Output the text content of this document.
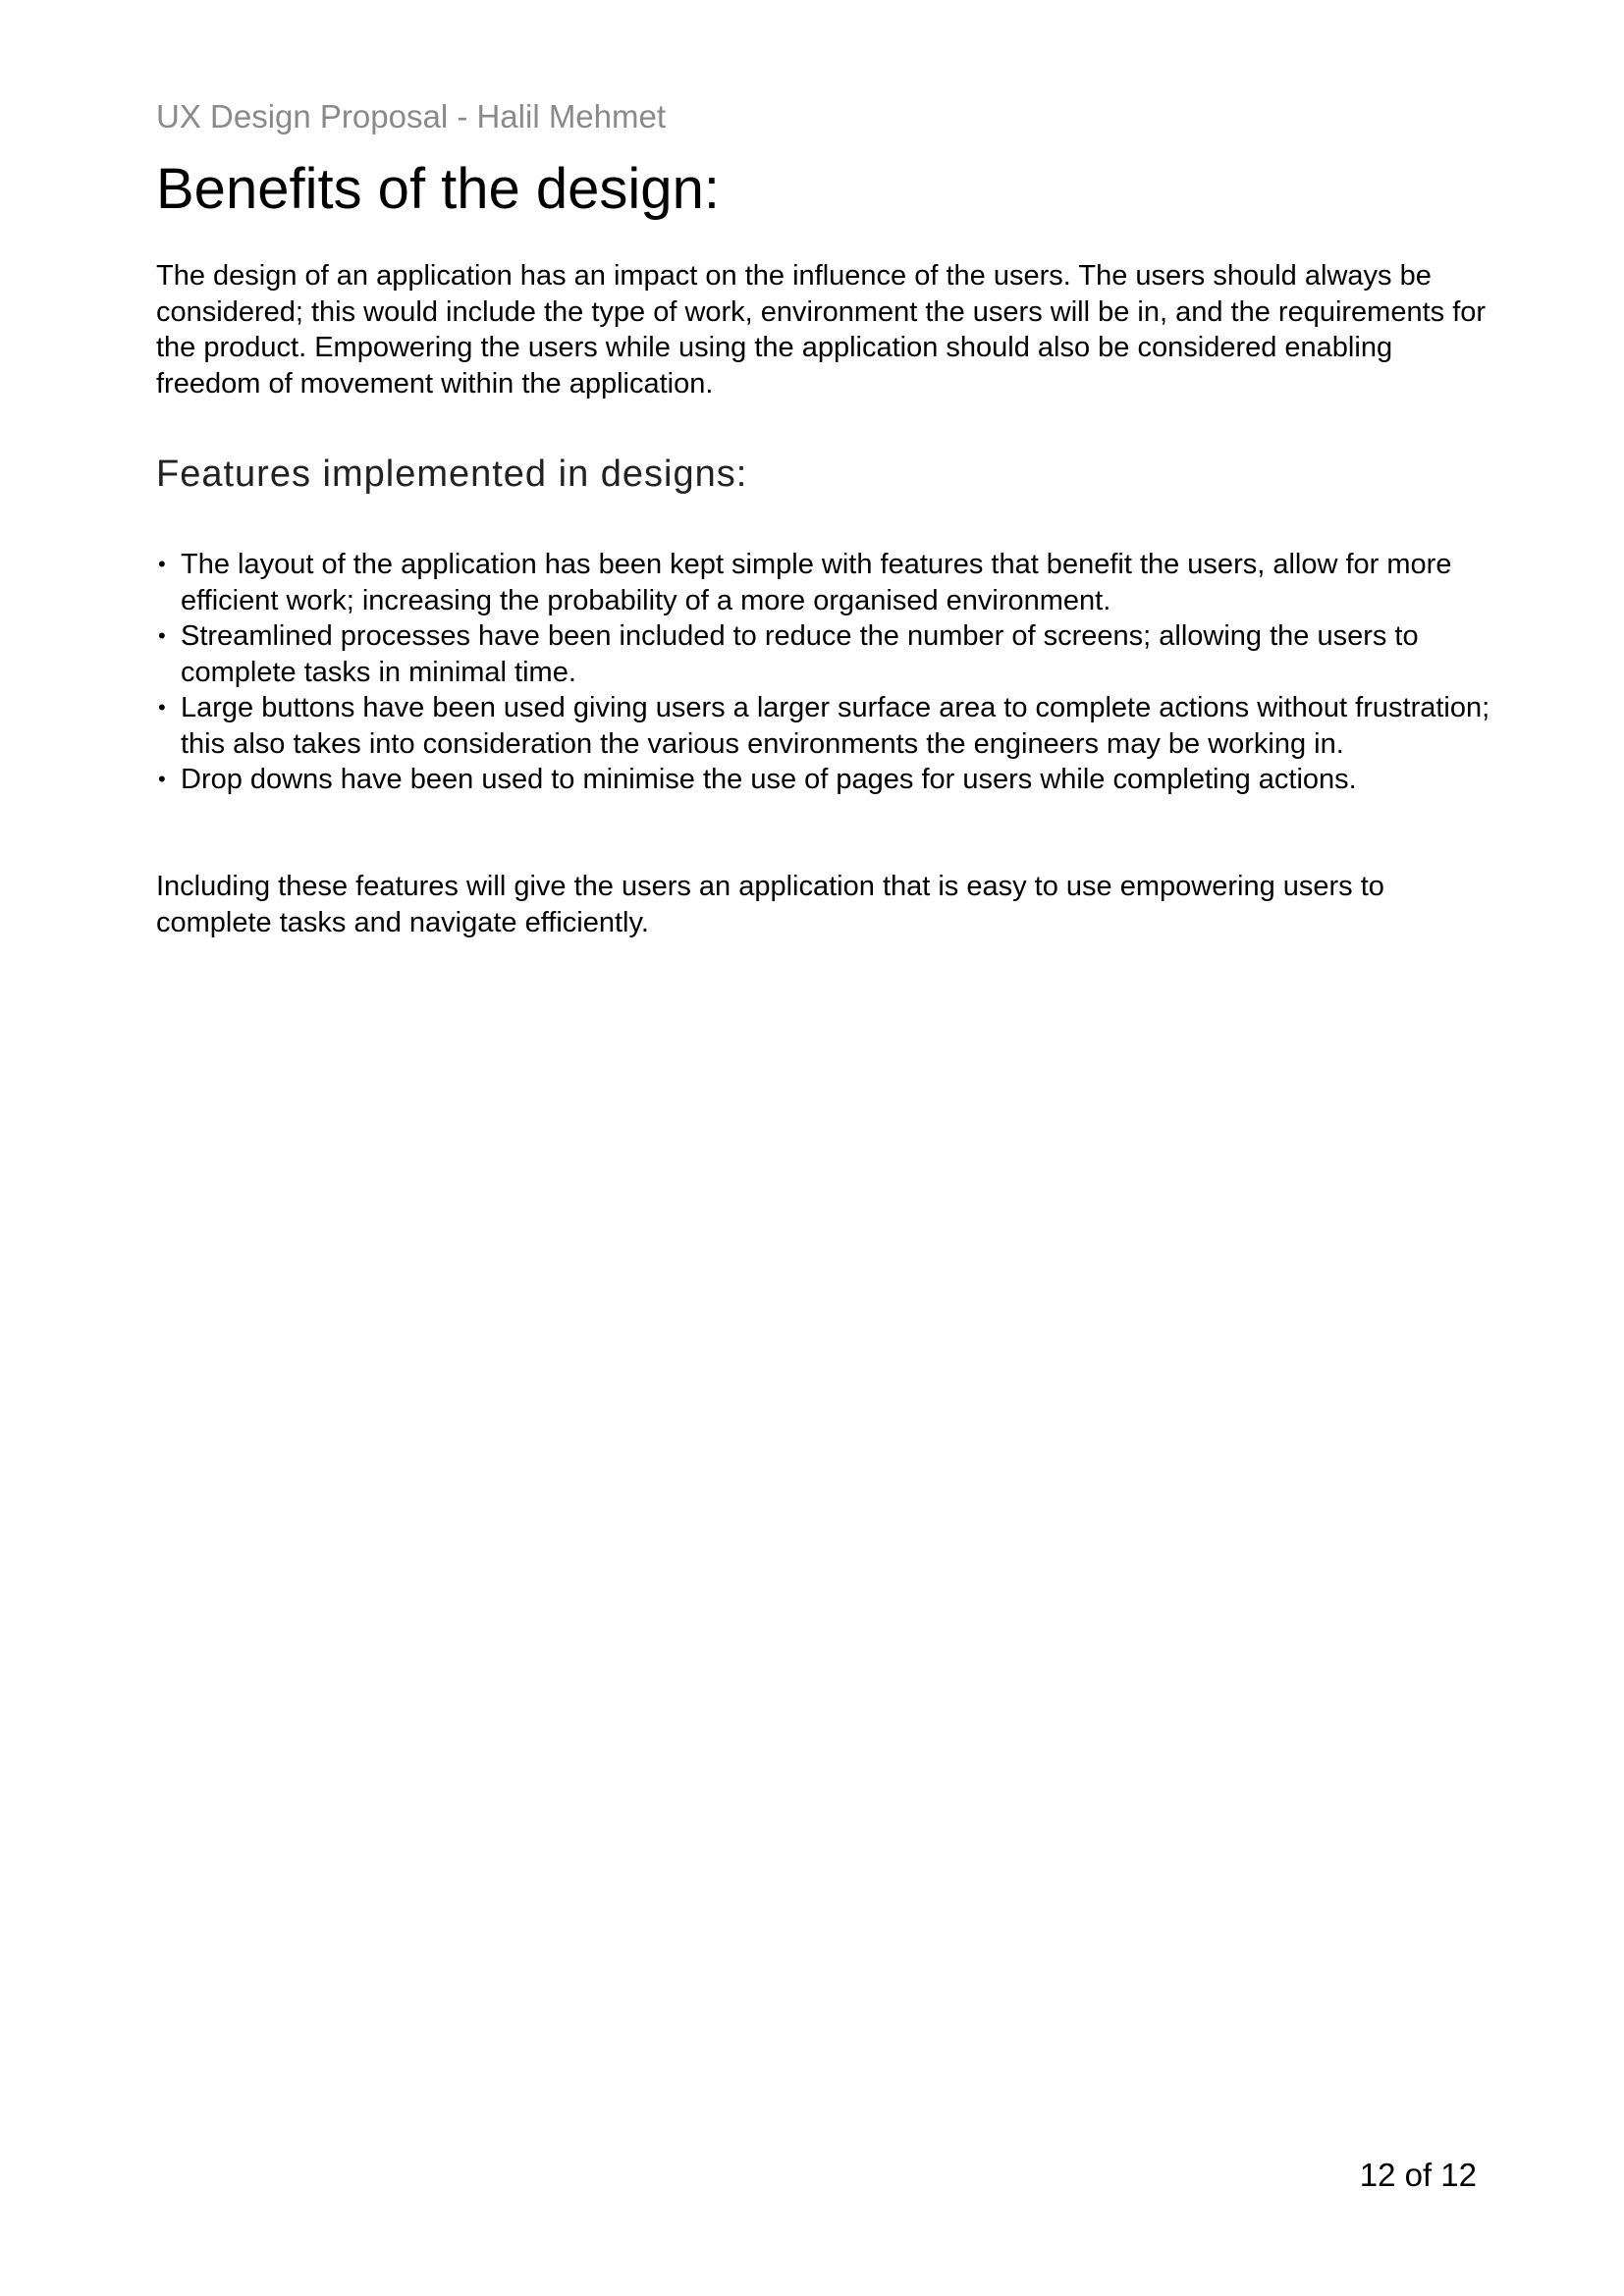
UX Design Proposal - Halil Mehmet
Benefits of the design:

The design of an application has an impact on the influence of the users. The users should always be considered; this would include the type of work, environment the users will be in, and the requirements for the product. Empowering the users while using the application should also be considered enabling freedom of movement within the application.

Features implemented in designs:
• The layout of the application has been kept simple with features that benefit the users, allow for more efficient work; increasing the probability of a more organised environment.
• Streamlined processes have been included to reduce the number of screens; allowing the users to complete tasks in minimal time.
• Large buttons have been used giving users a larger surface area to complete actions without frustration; this also takes into consideration the various environments the engineers may be working in.
• Drop downs have been used to minimise the use of pages for users while completing actions.

Including these features will give the users an application that is easy to use empowering users to complete tasks and navigate efficiently.

12 of 12
